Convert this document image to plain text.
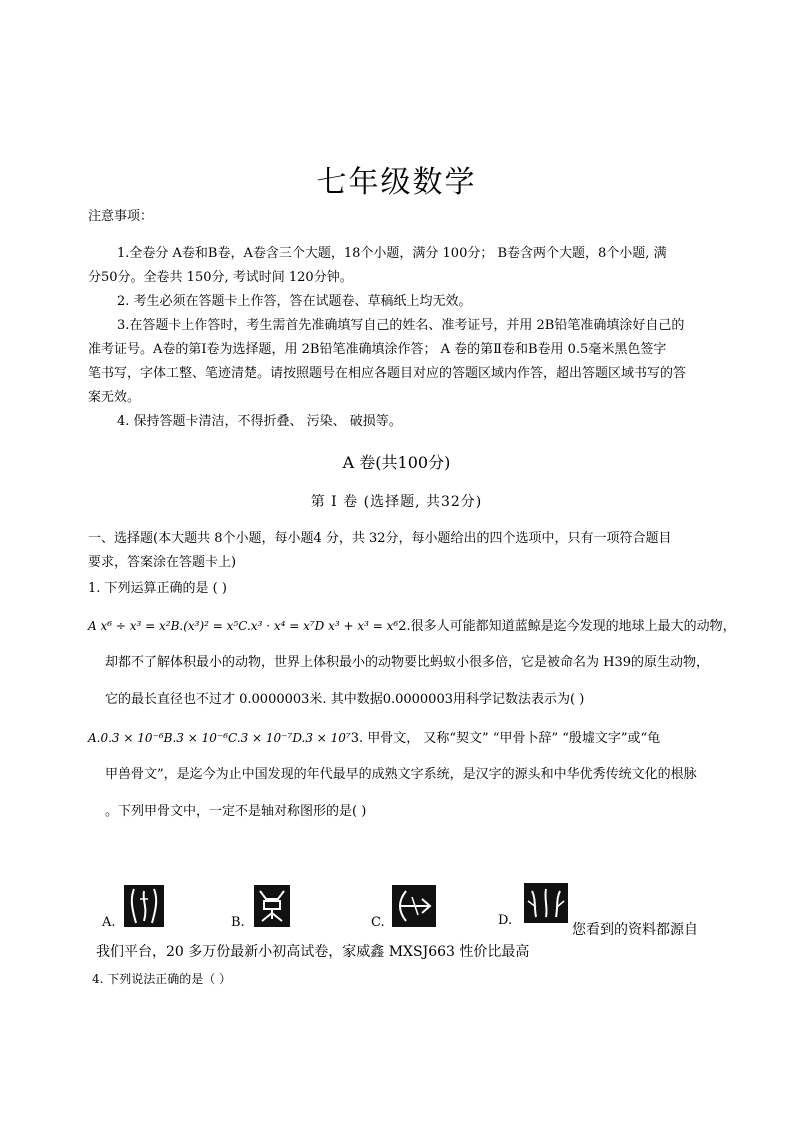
七年级数学
注意事项：
1.全卷分 A卷和B卷，A卷含三个大题，18个小题，满分 100分； B卷含两个大题，8个小题, 满
分50分。全卷共 150分, 考试时间 120分钟。
2. 考生必须在答题卡上作答，答在试题卷、草稿纸上均无效。
3.在答题卡上作答时，考生需首先准确填写自己的姓名、准考证号，并用 2B铅笔准确填涂好自己的
准考证号。A卷的第Ⅰ卷为选择题，用 2B铅笔准确填涂作答； A 卷的第Ⅱ卷和B卷用 0.5毫米黑色签字
笔书写，字体工整、笔迹清楚。请按照题号在相应各题目对应的答题区域内作答，超出答题区域书写的答
案无效。
4. 保持答题卡清洁，不得折叠、 污染、 破损等。
A 卷(共100分)
第 Ⅰ 卷 (选择题, 共32分)
一、选择题(本大题共 8个小题，每小题4 分，共 32分，每小题给出的四个选项中，只有一项符合题目
要求，答案涂在答题卡上)
1. 下列运算正确的是 ( )
A x⁶ ÷ x³ = x²B.(x³)² = x⁵C.x³ · x⁴ = x⁷D x³ + x³ = x⁶2.很多人可能都知道蓝鲸是迄今发现的地球上最大的动物，
却都不了解体积最小的动物，世界上体积最小的动物要比蚂蚁小很多倍，它是被命名为 H39的原生动物，
它的最长直径也不过才 0.0000003米. 其中数据0.0000003用科学记数法表示为( )
A.0.3 × 10⁻⁶B.3 × 10⁻⁶C.3 × 10⁻⁷D.3 × 10⁷3. 甲骨文， 又称“契文” “甲骨卜辞” “殷墟文字”或“龟
甲兽骨文”，是迄今为止中国发现的年代最早的成熟文字系统，是汉字的源头和中华优秀传统文化的根脉
。下列甲骨文中，一定不是轴对称图形的是( )
A.	B.	C.	D.
您看到的资料都源自
我们平台，20 多万份最新小初高试卷，家威鑫 MXSJ663 性价比最高
4. 下列说法正确的是（ ）
